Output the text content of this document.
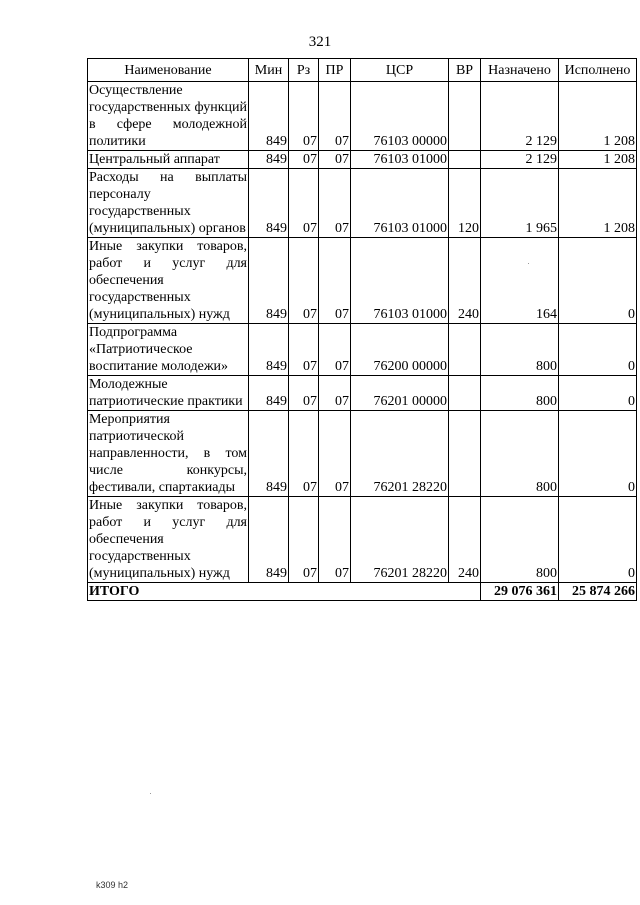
321
Наименование	Мин	Рз	ПР	ЦСР	ВР	Назначено	Исполнено
Осуществление государственных функций в сфере молодежной политики	849	07	07	76103 00000		2 129	1 208
Центральный аппарат	849	07	07	76103 01000		2 129	1 208
Расходы на выплаты персоналу государственных (муниципальных) органов	849	07	07	76103 01000	120	1 965	1 208
Иные закупки товаров, работ и услуг для обеспечения государственных (муниципальных) нужд	849	07	07	76103 01000	240	164	0
Подпрограмма «Патриотическое воспитание молодежи»	849	07	07	76200 00000		800	0
Молодежные патриотические практики	849	07	07	76201 00000		800	0
Мероприятия патриотической направленности, в том числе конкурсы, фестивали, спартакиады	849	07	07	76201 28220		800	0
Иные закупки товаров, работ и услуг для обеспечения государственных (муниципальных) нужд	849	07	07	76201 28220	240	800	0
ИТОГО						29 076 361	25 874 266
k309 h2
